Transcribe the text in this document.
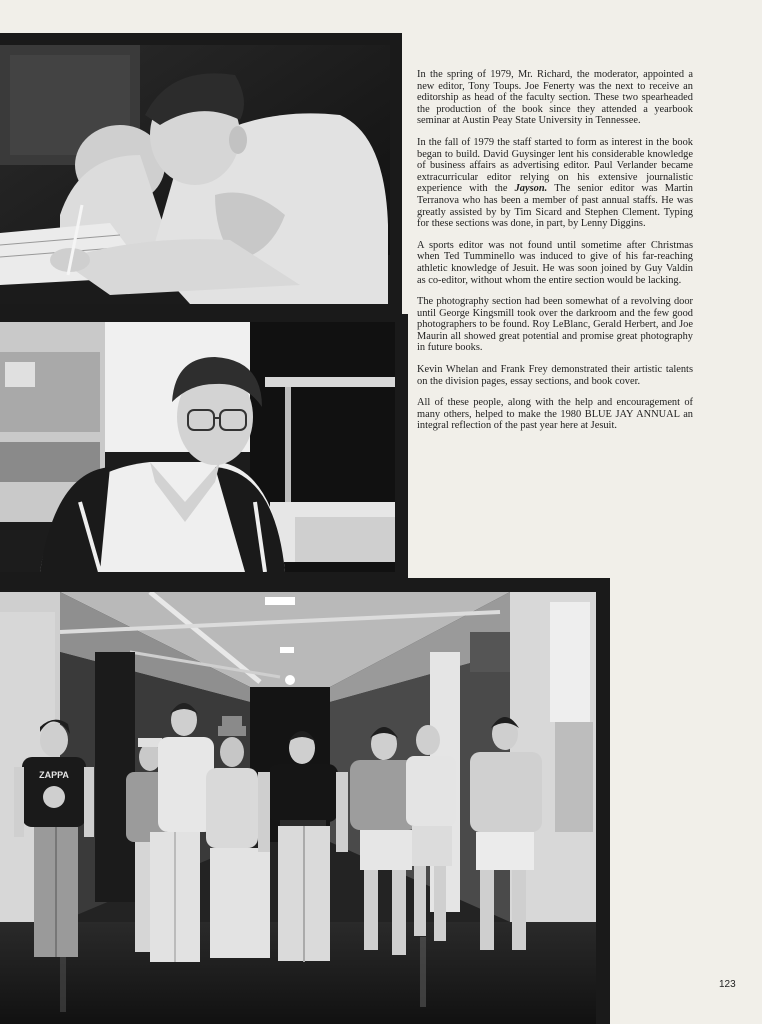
ZAPPA

In the spring of 1979, Mr. Richard, the moderator, appointed a new editor, Tony Toups. Joe Fenerty was the next to receive an editorship as head of the faculty section. These two spearheaded the production of the book since they attended a yearbook seminar at Austin Peay State University in Tennessee.

In the fall of 1979 the staff started to form as interest in the book began to build. David Guysinger lent his considerable knowledge of business affairs as advertising editor. Paul Verlander became extracurricular editor relying on his extensive journalistic experience with the Jayson. The senior editor was Martin Terranova who has been a member of past annual staffs. He was greatly assisted by by Tim Sicard and Stephen Clement. Typing for these sections was done, in part, by Lenny Diggins.

A sports editor was not found until sometime after Christmas when Ted Tumminello was induced to give of his far-reaching athletic knowledge of Jesuit. He was soon joined by Guy Valdin as co-editor, without whom the entire section would be lacking.

The photography section had been somewhat of a revolving door until George Kingsmill took over the darkroom and the few good photographers to be found. Roy LeBlanc, Gerald Herbert, and Joe Maurin all showed great potential and promise great photography in future books.

Kevin Whelan and Frank Frey demonstrated their artistic talents on the division pages, essay sections, and book cover.

All of these people, along with the help and encouragement of many others, helped to make the 1980 BLUE JAY ANNUAL an integral reflection of the past year here at Jesuit.

123
